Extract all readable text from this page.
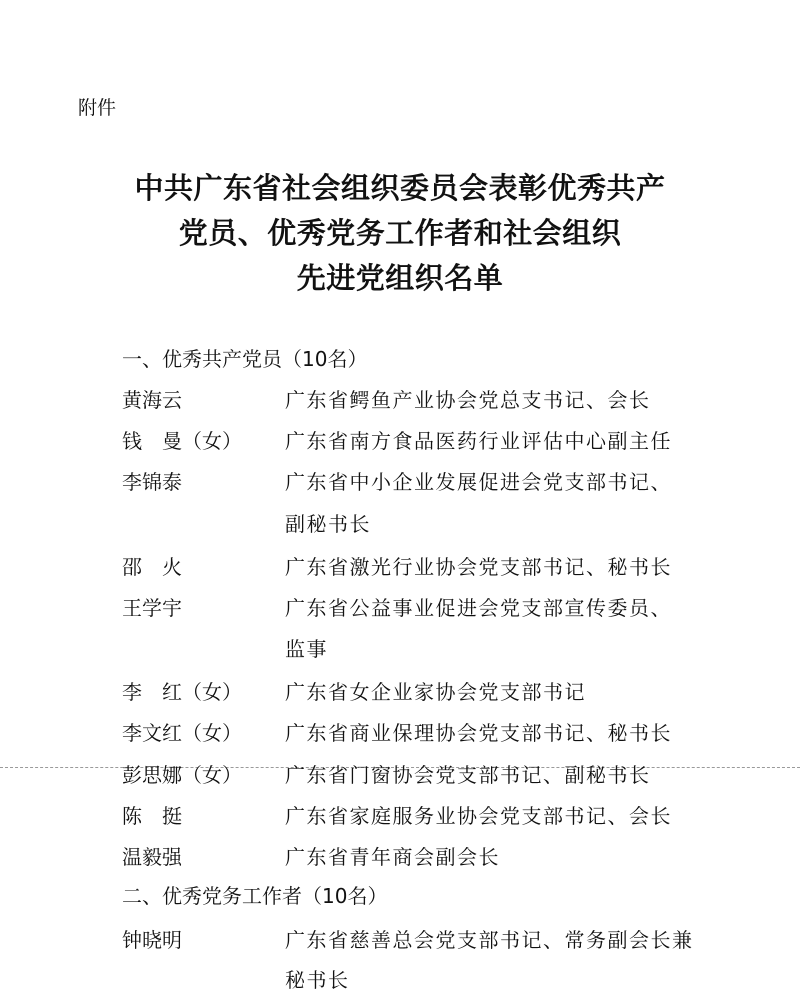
附件
中共广东省社会组织委员会表彰优秀共产
党员、优秀党务工作者和社会组织
先进党组织名单
一、优秀共产党员（10名）
黄海云	广东省鳄鱼产业协会党总支书记、会长
钱　曼（女） 广东省南方食品医药行业评估中心副主任
李锦泰	广东省中小企业发展促进会党支部书记、
副秘书长
邵　火	广东省激光行业协会党支部书记、秘书长
王学宇	广东省公益事业促进会党支部宣传委员、
监事
李　红（女） 广东省女企业家协会党支部书记
李文红（女） 广东省商业保理协会党支部书记、秘书长
彭思娜（女） 广东省门窗协会党支部书记、副秘书长
陈　挺	广东省家庭服务业协会党支部书记、会长
温毅强	广东省青年商会副会长
二、优秀党务工作者（10名）
钟晓明	广东省慈善总会党支部书记、常务副会长兼
秘书长
